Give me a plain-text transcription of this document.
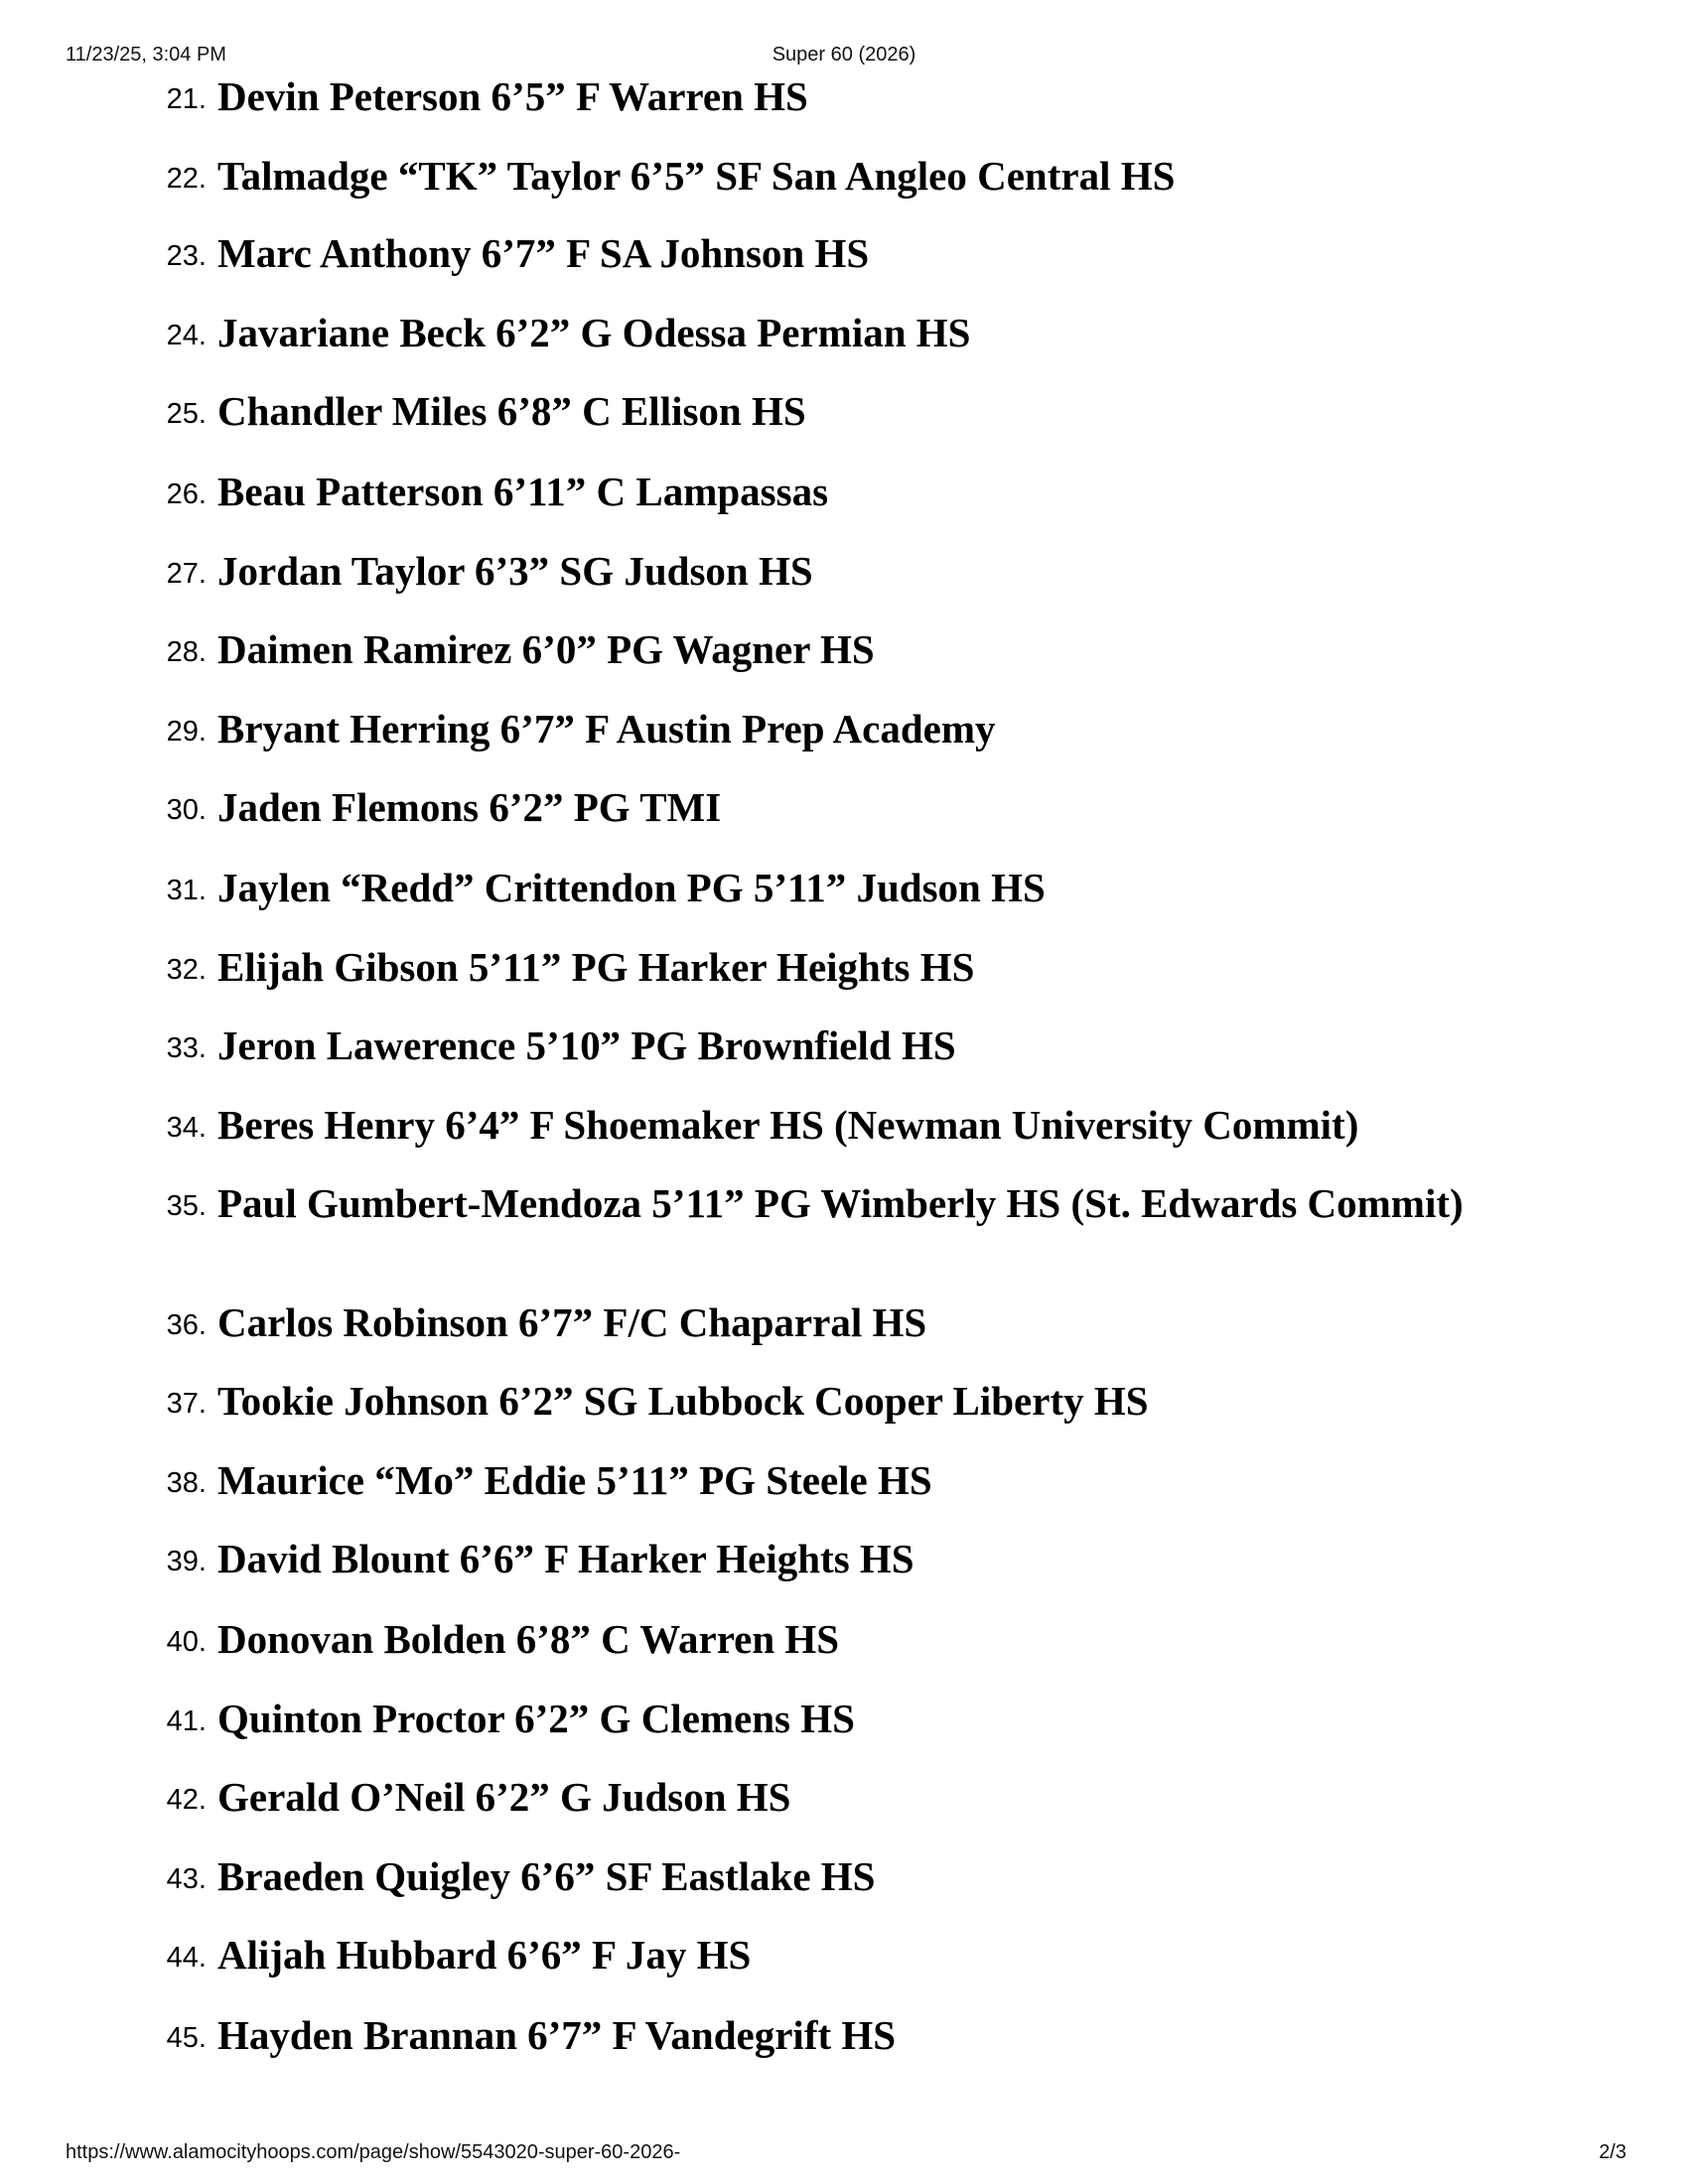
11/23/25, 3:04 PM	Super 60 (2026)
21. Devin Peterson 6’5” F Warren HS
22. Talmadge “TK” Taylor 6’5” SF San Angleo Central HS
23. Marc Anthony 6’7” F SA Johnson HS
24. Javariane Beck 6’2” G Odessa Permian HS
25. Chandler Miles 6’8” C Ellison HS
26. Beau Patterson 6’11” C Lampassas
27. Jordan Taylor 6’3” SG Judson HS
28. Daimen Ramirez 6’0” PG Wagner HS
29. Bryant Herring 6’7” F Austin Prep Academy
30. Jaden Flemons 6’2” PG TMI
31. Jaylen “Redd” Crittendon PG 5’11” Judson HS
32. Elijah Gibson 5’11” PG Harker Heights HS
33. Jeron Lawerence 5’10” PG Brownfield HS
34. Beres Henry 6’4” F Shoemaker HS (Newman University Commit)
35. Paul Gumbert-Mendoza 5’11” PG Wimberly HS (St. Edwards Commit)
36. Carlos Robinson 6’7” F/C Chaparral HS
37. Tookie Johnson 6’2” SG Lubbock Cooper Liberty HS
38. Maurice “Mo” Eddie 5’11” PG Steele HS
39. David Blount 6’6” F Harker Heights HS
40. Donovan Bolden 6’8” C Warren HS
41. Quinton Proctor 6’2” G Clemens HS
42. Gerald O’Neil 6’2” G Judson HS
43. Braeden Quigley 6’6” SF Eastlake HS
44. Alijah Hubbard 6’6” F Jay HS
45. Hayden Brannan 6’7” F Vandegrift HS
https://www.alamocityhoops.com/page/show/5543020-super-60-2026-	2/3
